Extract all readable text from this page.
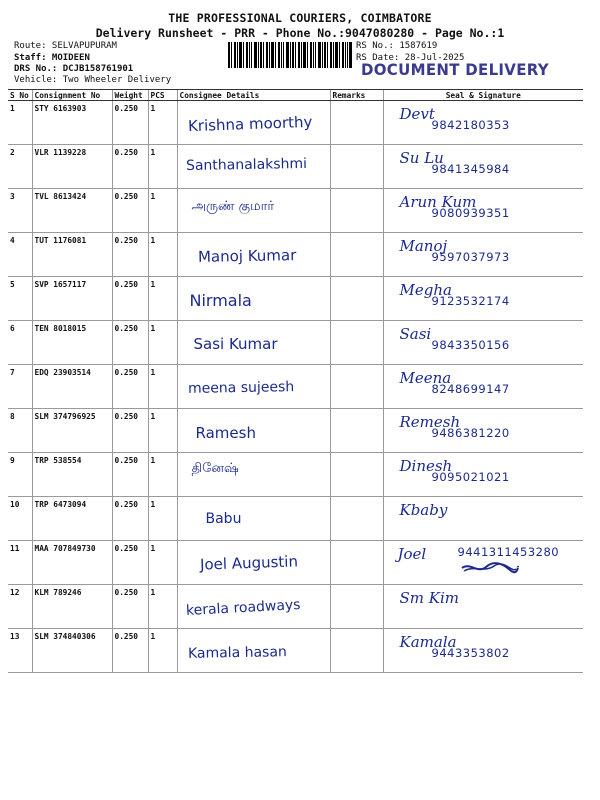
THE PROFESSIONAL COURIERS, COIMBATORE
Delivery Runsheet - PRR - Phone No.:9047080280 - Page No.:1
Route: SELVAPUPURAM
Staff: MOIDEEN
DRS No.: DCJB158761901
RS No.: 1587619
RS Date: 28-Jul-2025
DOCUMENT DELIVERY
Vehicle: Two Wheeler Delivery
S No	Consignment No	Weight	PCS	Consignee Details	Remarks	Seal & Signature
1	STY 6163903	0.250	1	Krishna moorthy		Devt
9842180353

2	VLR 1139228	0.250	1	Santhanalakshmi		Su Lu
9841345984

3	TVL 8613424	0.250	1	அருண் குமார்		Arun Kum
9080939351

4	TUT 1176081	0.250	1	Manoj Kumar		Manoj
9597037973

5	SVP 1657117	0.250	1	Nirmala		Megha
9123532174

6	TEN 8018015	0.250	1	Sasi Kumar		Sasi
9843350156

7	EDQ 23903514	0.250	1	meena sujeesh		Meena
8248699147

8	SLM 374796925	0.250	1	Ramesh		Remesh
9486381220

9	TRP 538554	0.250	1	தினேஷ்		Dinesh
9095021021

10	TRP 6473094	0.250	1	Babu		Kbaby

11	MAA 707849730	0.250	1	Joel Augustin		Joel 9441311453280

12	KLM 789246	0.250	1	kerala roadways		Sm Kim

13	SLM 374840306	0.250	1	Kamala hasan		Kamala
9443353802
